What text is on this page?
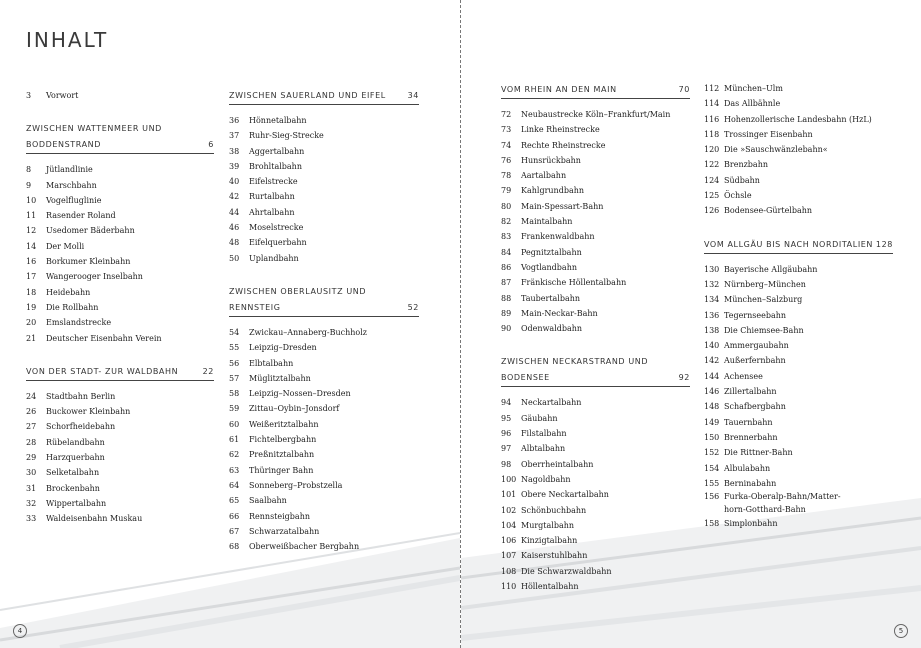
INHALT
3 Vorwort
ZWISCHEN WATTENMEER UND
BODDENSTRAND	6
8 Jütlandlinie
9 Marschbahn
10 Vogelfluglinie
11 Rasender Roland
12 Usedomer Bäderbahn
14 Der Molli
16 Borkumer Kleinbahn
17 Wangerooger Inselbahn
18 Heidebahn
19 Die Rollbahn
20 Emslandstrecke
21 Deutscher Eisenbahn Verein
VON DER STADT- ZUR WALDBAHN	22
24 Stadtbahn Berlin
26 Buckower Kleinbahn
27 Schorfheidebahn
28 Rübelandbahn
29 Harzquerbahn
30 Selketalbahn
31 Brockenbahn
32 Wippertalbahn
33 Waldeisenbahn Muskau
ZWISCHEN SAUERLAND UND EIFEL	34
36 Hönnetalbahn
37 Ruhr-Sieg-Strecke
38 Aggertalbahn
39 Brohltalbahn
40 Eifelstrecke
42 Rurtalbahn
44 Ahrtalbahn
46 Moselstrecke
48 Eifelquerbahn
50 Uplandbahn
ZWISCHEN OBERLAUSITZ UND RENNSTEIG	52
54 Zwickau–Annaberg-Buchholz
55 Leipzig–Dresden
56 Elbtalbahn
57 Müglitztalbahn
58 Leipzig–Nossen–Dresden
59 Zittau–Oybin–Jonsdorf
60 Weißeritztalbahn
61 Fichtelbergbahn
62 Preßnitztalbahn
63 Thüringer Bahn
64 Sonneberg–Probstzella
65 Saalbahn
66 Rennsteigbahn
67 Schwarzatalbahn
68 Oberweißbacher Bergbahn
4
VOM RHEIN AN DEN MAIN	70
72 Neubaustrecke Köln–Frankfurt/Main
73 Linke Rheinstrecke
74 Rechte Rheinstrecke
76 Hunsrückbahn
78 Aartalbahn
79 Kahlgrundbahn
80 Main-Spessart-Bahn
82 Maintalbahn
83 Frankenwaldbahn
84 Pegnitztalbahn
86 Vogtlandbahn
87 Fränkische Höllentalbahn
88 Taubertalbahn
89 Main-Neckar-Bahn
90 Odenwaldbahn
ZWISCHEN NECKARSTRAND UND BODENSEE	92
94 Neckartalbahn
95 Gäubahn
96 Filstalbahn
97 Albtalbahn
98 Oberrheintalbahn
100 Nagoldbahn
101 Obere Neckartalbahn
102 Schönbuchbahn
104 Murgtalbahn
106 Kinzigtalbahn
107 Kaiserstuhlbahn
108 Die Schwarzwaldbahn
110 Höllentalbahn
112 München–Ulm
114 Das Allbähnle
116 Hohenzollerische Landesbahn (HzL)
118 Trossinger Eisenbahn
120 Die »Sauschwänzlebahn«
122 Brenzbahn
124 Südbahn
125 Öchsle
126 Bodensee-Gürtelbahn
VOM ALLGÄU BIS NACH NORDITALIEN 128
130 Bayerische Allgäubahn
132 Nürnberg–München
134 München–Salzburg
136 Tegernseebahn
138 Die Chiemsee-Bahn
140 Ammergaubahn
142 Außerfernbahn
144 Achensee
146 Zillertalbahn
148 Schafbergbahn
149 Tauernbahn
150 Brennerbahn
152 Die Rittner-Bahn
154 Albulabahn
155 Berninabahn
156 Furka-Oberalp-Bahn/Matter-horn-Gotthard-Bahn
158 Simplonbahn
5
